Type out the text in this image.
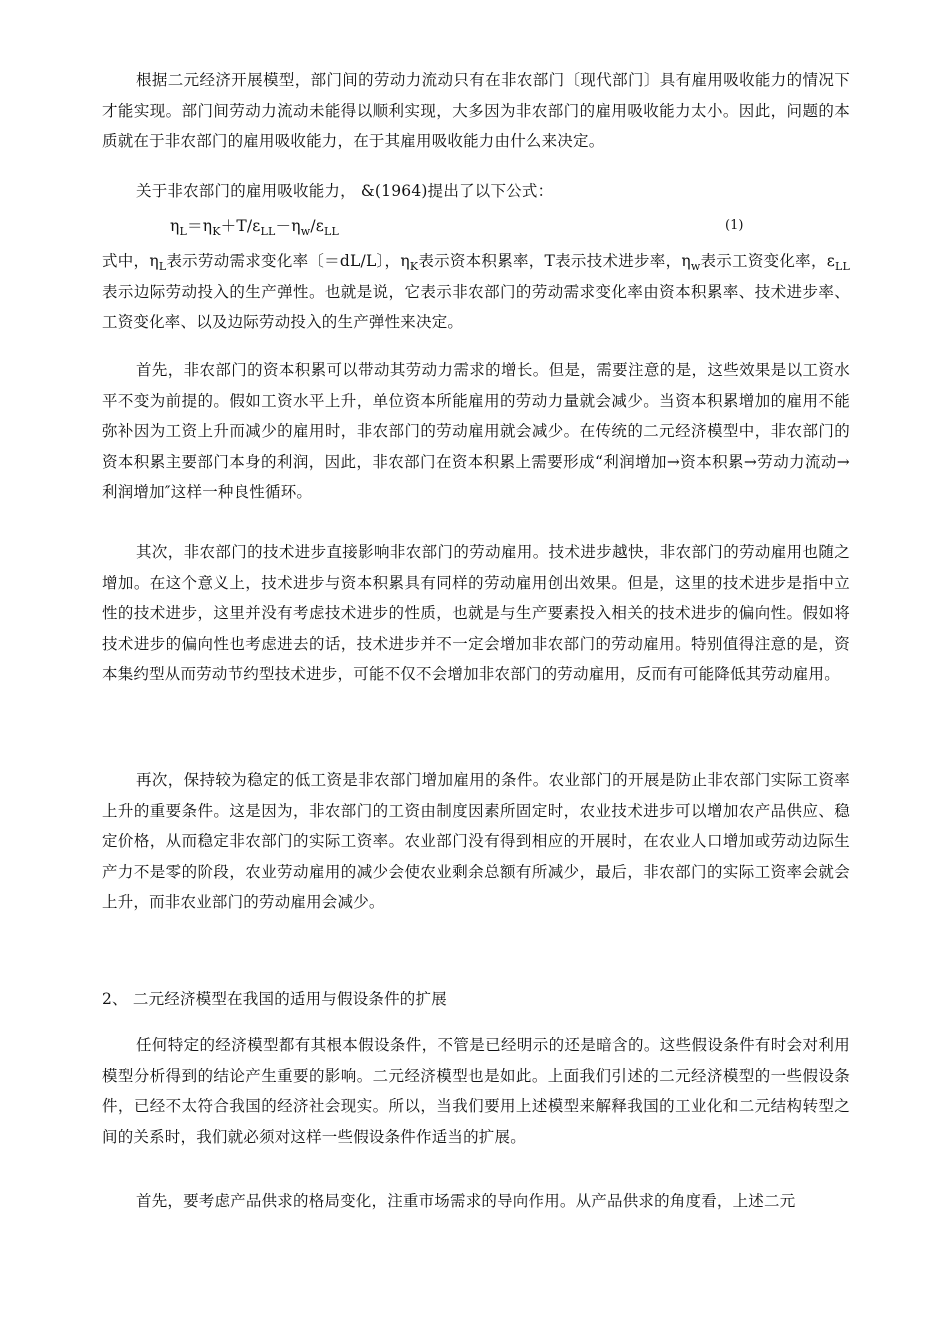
根据二元经济开展模型，部门间的劳动力流动只有在非农部门〔现代部门〕具有雇用吸收能力的情况下才能实现。部门间劳动力流动未能得以顺利实现，大多因为非农部门的雇用吸收能力太小。因此，问题的本质就在于非农部门的雇用吸收能力，在于其雇用吸收能力由什么来决定。

关于非农部门的雇用吸收能力， &(1964)提出了以下公式：

$\eta_L=\eta_K+T/\varepsilon_{LL}-\eta_w/\varepsilon_{LL}$	(1)

式中，$\eta_L$表示劳动需求变化率〔＝dL/L〕，$\eta_K$表示资本积累率，T表示技术进步率，$\eta_w$表示工资变化率，$\varepsilon_{LL}$表示边际劳动投入的生产弹性。也就是说，它表示非农部门的劳动需求变化率由资本积累率、技术进步率、工资变化率、以及边际劳动投入的生产弹性来决定。

首先，非农部门的资本积累可以带动其劳动力需求的增长。但是，需要注意的是，这些效果是以工资水平不变为前提的。假如工资水平上升，单位资本所能雇用的劳动力量就会减少。当资本积累增加的雇用不能弥补因为工资上升而减少的雇用时，非农部门的劳动雇用就会减少。在传统的二元经济模型中，非农部门的资本积累主要部门本身的利润，因此，非农部门在资本积累上需要形成“利润增加→资本积累→劳动力流动→利润增加″这样一种良性循环。

其次，非农部门的技术进步直接影响非农部门的劳动雇用。技术进步越快，非农部门的劳动雇用也随之增加。在这个意义上，技术进步与资本积累具有同样的劳动雇用创出效果。但是，这里的技术进步是指中立性的技术进步，这里并没有考虑技术进步的性质，也就是与生产要素投入相关的技术进步的偏向性。假如将技术进步的偏向性也考虑进去的话，技术进步并不一定会增加非农部门的劳动雇用。特别值得注意的是，资本集约型从而劳动节约型技术进步，可能不仅不会增加非农部门的劳动雇用，反而有可能降低其劳动雇用。

再次，保持较为稳定的低工资是非农部门增加雇用的条件。农业部门的开展是防止非农部门实际工资率上升的重要条件。这是因为，非农部门的工资由制度因素所固定时，农业技术进步可以增加农产品供应、稳定价格，从而稳定非农部门的实际工资率。农业部门没有得到相应的开展时，在农业人口增加或劳动边际生产力不是零的阶段，农业劳动雇用的减少会使农业剩余总额有所减少，最后，非农部门的实际工资率会就会上升，而非农业部门的劳动雇用会减少。

2、 二元经济模型在我国的适用与假设条件的扩展

任何特定的经济模型都有其根本假设条件，不管是已经明示的还是暗含的。这些假设条件有时会对利用模型分析得到的结论产生重要的影响。二元经济模型也是如此。上面我们引述的二元经济模型的一些假设条件，已经不太符合我国的经济社会现实。所以，当我们要用上述模型来解释我国的工业化和二元结构转型之间的关系时，我们就必须对这样一些假设条件作适当的扩展。

首先，要考虑产品供求的格局变化，注重市场需求的导向作用。从产品供求的角度看，上述二元
